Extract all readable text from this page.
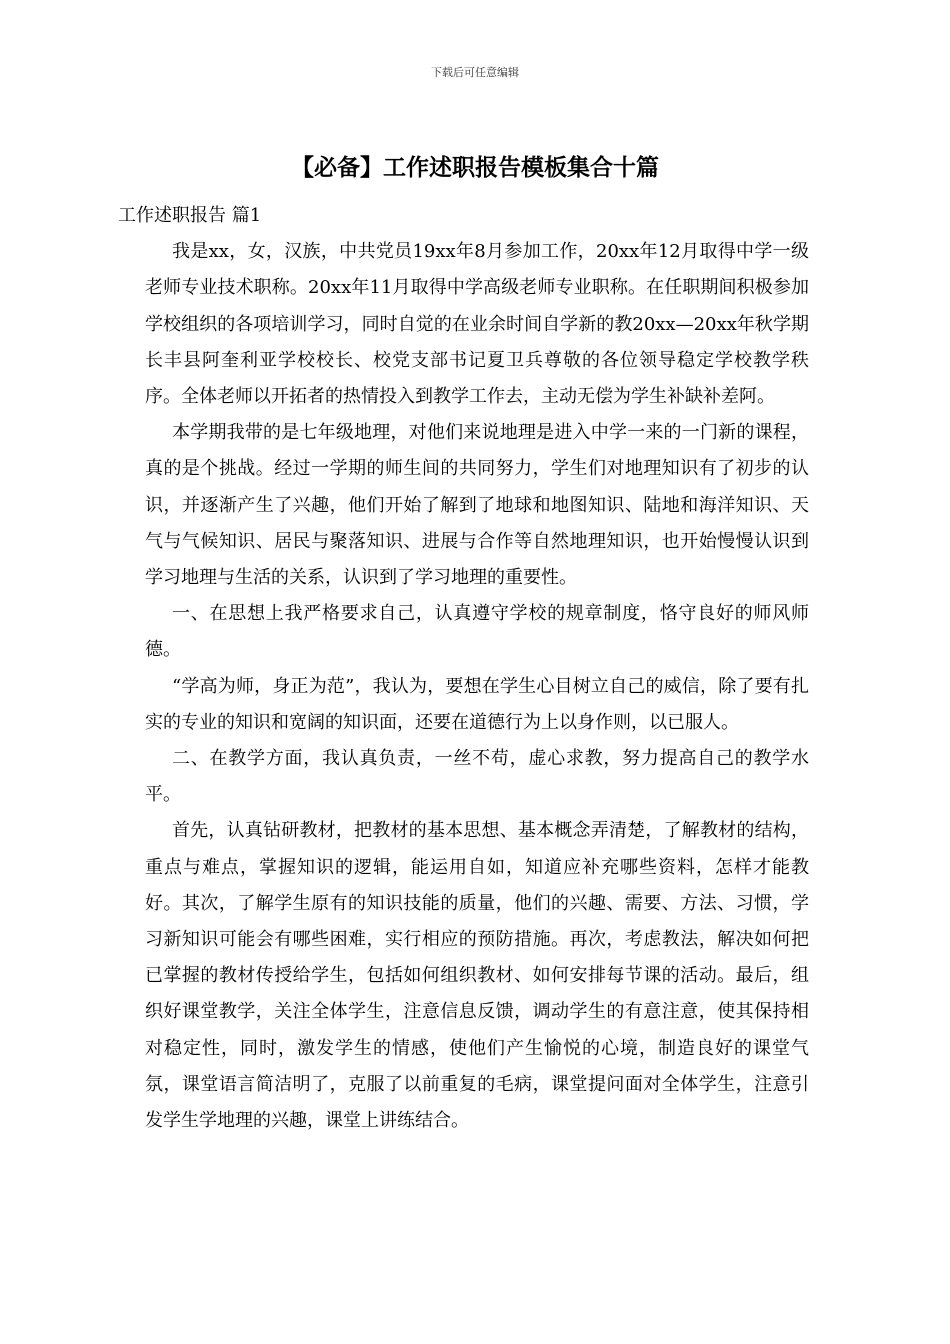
下载后可任意编辑
【必备】工作述职报告模板集合十篇

工作述职报告 篇1

我是xx，女，汉族，中共党员19xx年8月参加工作，20xx年12月取得中学一级老师专业技术职称。20xx年11月取得中学高级老师专业职称。在任职期间积极参加学校组织的各项培训学习，同时自觉的在业余时间自学新的教20xx—20xx年秋学期长丰县阿奎利亚学校校长、校党支部书记夏卫兵尊敬的各位领导稳定学校教学秩序。全体老师以开拓者的热情投入到教学工作去，主动无偿为学生补缺补差阿。

本学期我带的是七年级地理，对他们来说地理是进入中学一来的一门新的课程，真的是个挑战。经过一学期的师生间的共同努力，学生们对地理知识有了初步的认识，并逐渐产生了兴趣，他们开始了解到了地球和地图知识、陆地和海洋知识、天气与气候知识、居民与聚落知识、进展与合作等自然地理知识，也开始慢慢认识到学习地理与生活的关系，认识到了学习地理的重要性。

一、在思想上我严格要求自己，认真遵守学校的规章制度，恪守良好的师风师德。

“学高为师，身正为范”，我认为，要想在学生心目树立自己的威信，除了要有扎实的专业的知识和宽阔的知识面，还要在道德行为上以身作则，以已服人。

二、在教学方面，我认真负责，一丝不苟，虚心求教，努力提高自己的教学水平。

首先，认真钻研教材，把教材的基本思想、基本概念弄清楚，了解教材的结构，重点与难点，掌握知识的逻辑，能运用自如，知道应补充哪些资料，怎样才能教好。其次，了解学生原有的知识技能的质量，他们的兴趣、需要、方法、习惯，学习新知识可能会有哪些困难，实行相应的预防措施。再次，考虑教法，解决如何把已掌握的教材传授给学生，包括如何组织教材、如何安排每节课的活动。最后，组织好课堂教学，关注全体学生，注意信息反馈，调动学生的有意注意，使其保持相对稳定性，同时，激发学生的情感，使他们产生愉悦的心境，制造良好的课堂气氛，课堂语言简洁明了，克服了以前重复的毛病，课堂提问面对全体学生，注意引发学生学地理的兴趣，课堂上讲练结合。
